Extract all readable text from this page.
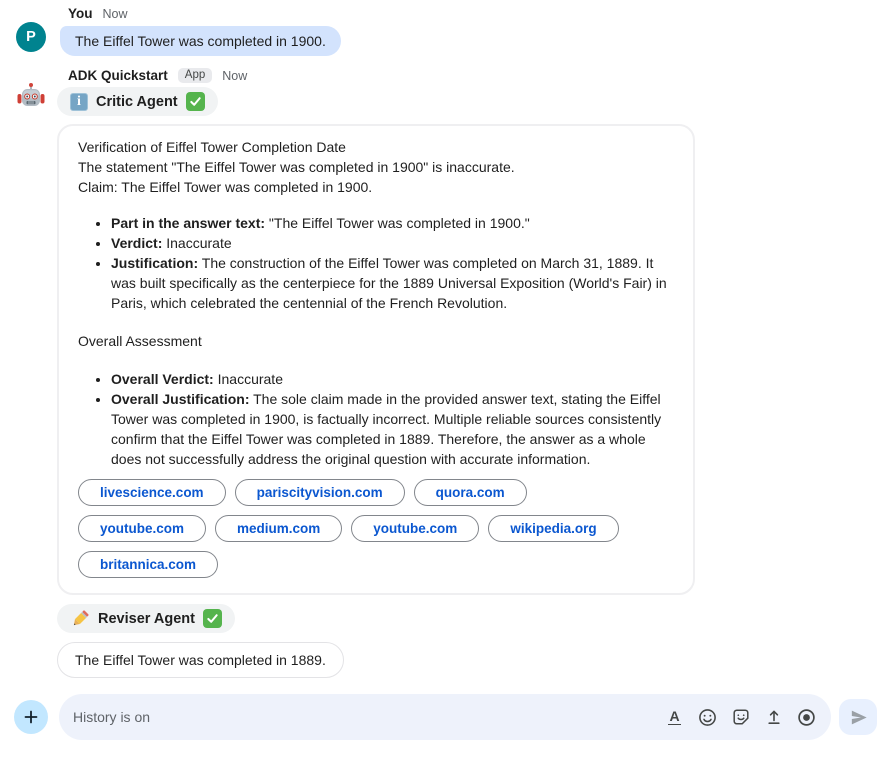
You Now
P	The Eiffel Tower was completed in 1900.
ADK Quickstart	App	Now
i	Critic Agent

Verification of Eiffel Tower Completion Date

The statement "The Eiffel Tower was completed in 1900" is inaccurate.

Claim: The Eiffel Tower was completed in 1900.

• Part in the answer text: "The Eiffel Tower was completed in 1900."
• Verdict: Inaccurate
• Justification: The construction of the Eiffel Tower was completed on March 31, 1889. It was built specifically as the centerpiece for the 1889 Universal Exposition (World's Fair) in Paris, which celebrated the centennial of the French Revolution.

Overall Assessment

• Overall Verdict: Inaccurate
• Overall Justification: The sole claim made in the provided answer text, stating the Eiffel Tower was completed in 1900, is factually incorrect. Multiple reliable sources consistently confirm that the Eiffel Tower was completed in 1889. Therefore, the answer as a whole does not successfully address the original question with accurate information.
livescience.com	pariscityvision.com	quora.com
youtube.com	medium.com	youtube.com	wikipedia.org
britannica.com
Reviser Agent
The Eiffel Tower was completed in 1889.
History is on
A
